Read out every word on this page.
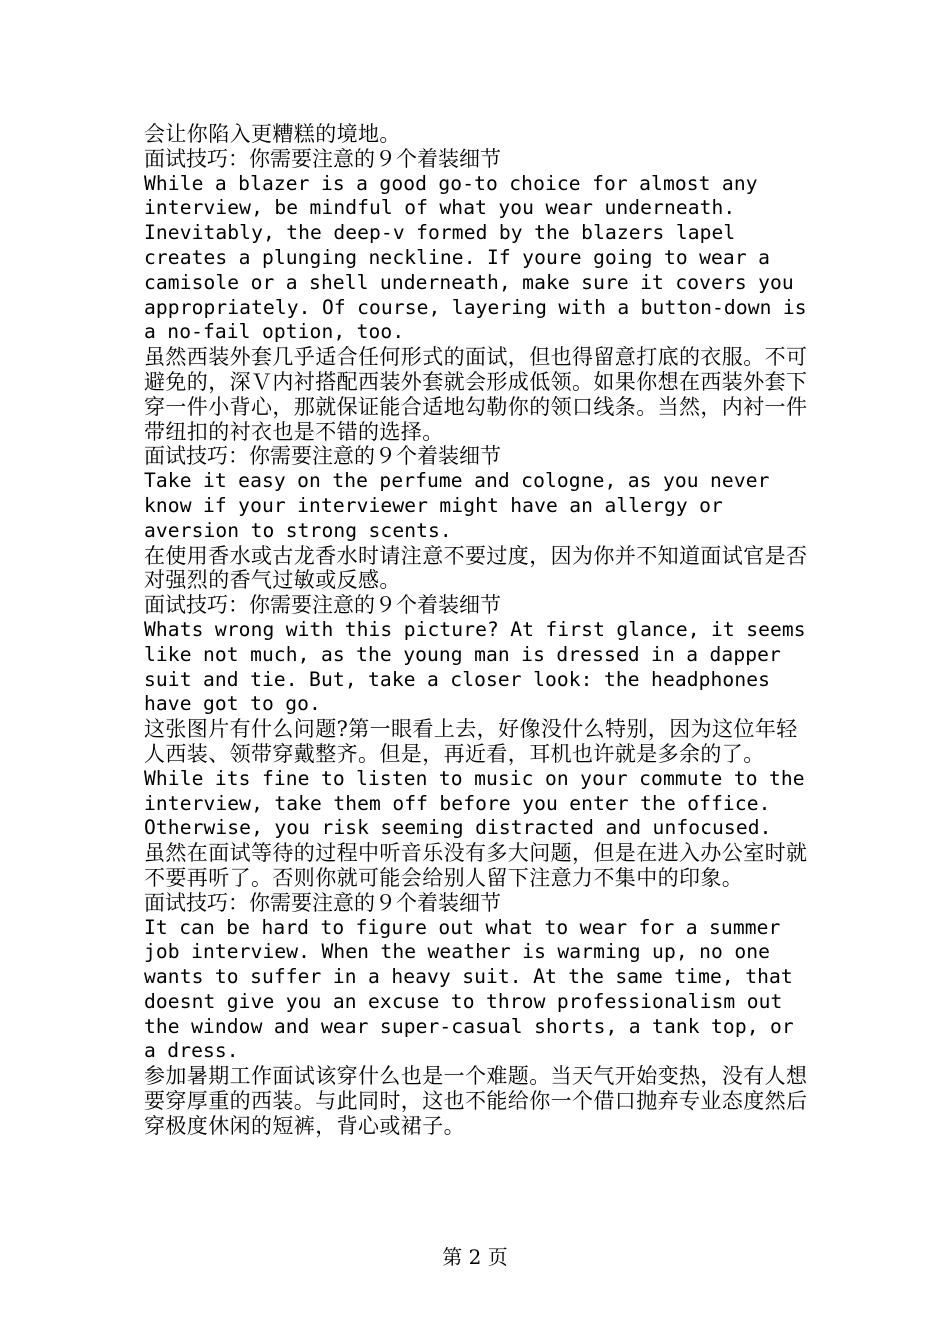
会让你陷入更糟糕的境地。

面试技巧：你需要注意的９个着装细节

While a blazer is a good go-to choice for almost any interview, be mindful of what you wear underneath. Inevitably, the deep-v formed by the blazers lapel creates a plunging neckline. If youre going to wear a camisole or a shell underneath, make sure it covers you appropriately. Of course, layering with a button-down is a no-fail option, too.

虽然西装外套几乎适合任何形式的面试，但也得留意打底的衣服。不可避免的，深Ｖ内衬搭配西装外套就会形成低领。如果你想在西装外套下穿一件小背心，那就保证能合适地勾勒你的领口线条。当然，内衬一件带纽扣的衬衣也是不错的选择。

面试技巧：你需要注意的９个着装细节

Take it easy on the perfume and cologne, as you never know if your interviewer might have an allergy or aversion to strong scents.

在使用香水或古龙香水时请注意不要过度，因为你并不知道面试官是否对强烈的香气过敏或反感。

面试技巧：你需要注意的９个着装细节

Whats wrong with this picture? At first glance, it seems like not much, as the young man is dressed in a dapper suit and tie. But, take a closer look: the headphones have got to go.

这张图片有什么问题?第一眼看上去，好像没什么特别，因为这位年轻人西装、领带穿戴整齐。但是，再近看，耳机也许就是多余的了。

While its fine to listen to music on your commute to the interview, take them off before you enter the office. Otherwise, you risk seeming distracted and unfocused.

虽然在面试等待的过程中听音乐没有多大问题，但是在进入办公室时就不要再听了。否则你就可能会给别人留下注意力不集中的印象。

面试技巧：你需要注意的９个着装细节

It can be hard to figure out what to wear for a summer job interview. When the weather is warming up, no one wants to suffer in a heavy suit. At the same time, that doesnt give you an excuse to throw professionalism out the window and wear super-casual shorts, a tank top, or a dress.

参加暑期工作面试该穿什么也是一个难题。当天气开始变热，没有人想要穿厚重的西装。与此同时，这也不能给你一个借口抛弃专业态度然后穿极度休闲的短裤，背心或裙子。

第 2 页
